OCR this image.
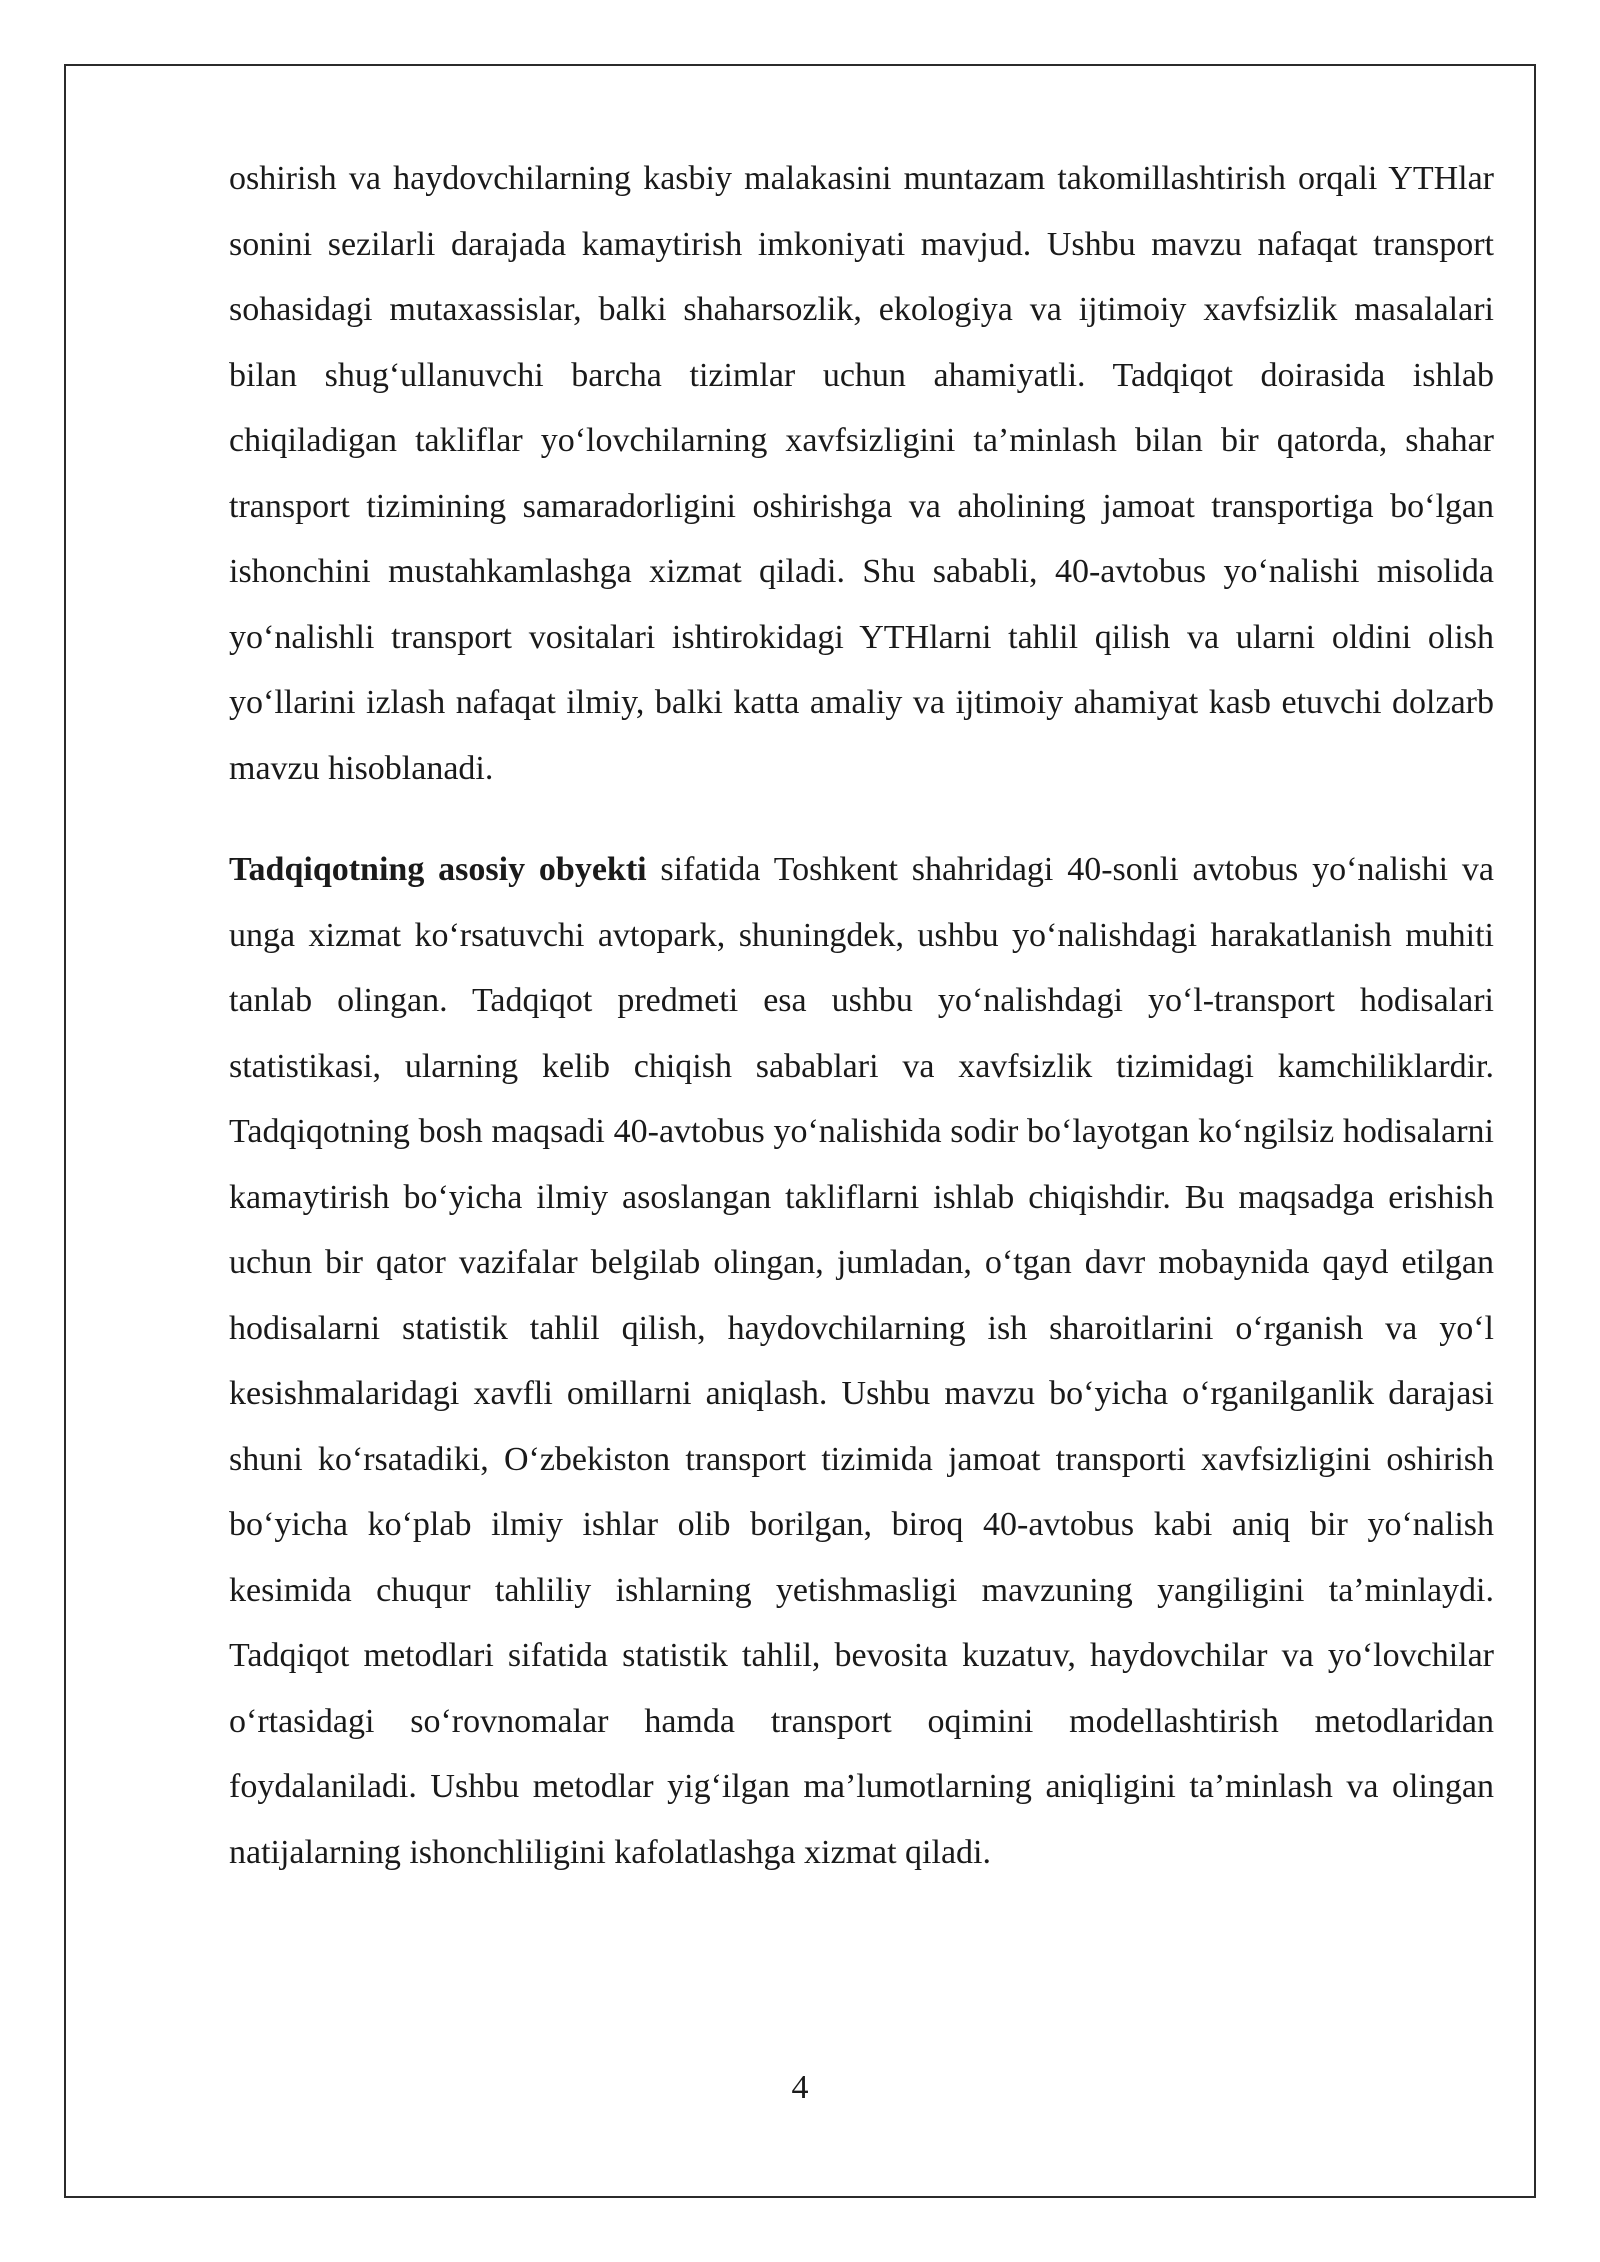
oshirish va haydovchilarning kasbiy malakasini muntazam takomillashtirish orqali YTHlar sonini sezilarli darajada kamaytirish imkoniyati mavjud. Ushbu mavzu nafaqat transport sohasidagi mutaxassislar, balki shaharsozlik, ekologiya va ijtimoiy xavfsizlik masalalari bilan shug‘ullanuvchi barcha tizimlar uchun ahamiyatli. Tadqiqot doirasida ishlab chiqiladigan takliflar yo‘lovchilarning xavfsizligini ta’minlash bilan bir qatorda, shahar transport tizimining samaradorligini oshirishga va aholining jamoat transportiga bo‘lgan ishonchini mustahkamlashga xizmat qiladi. Shu sababli, 40-avtobus yo‘nalishi misolida yo‘nalishli transport vositalari ishtirokidagi YTHlarni tahlil qilish va ularni oldini olish yo‘llarini izlash nafaqat ilmiy, balki katta amaliy va ijtimoiy ahamiyat kasb etuvchi dolzarb mavzu hisoblanadi.

Tadqiqotning asosiy obyekti sifatida Toshkent shahridagi 40-sonli avtobus yo‘nalishi va unga xizmat ko‘rsatuvchi avtopark, shuningdek, ushbu yo‘nalishdagi harakatlanish muhiti tanlab olingan. Tadqiqot predmeti esa ushbu yo‘nalishdagi yo‘l-transport hodisalari statistikasi, ularning kelib chiqish sabablari va xavfsizlik tizimidagi kamchiliklardir. Tadqiqotning bosh maqsadi 40-avtobus yo‘nalishida sodir bo‘layotgan ko‘ngilsiz hodisalarni kamaytirish bo‘yicha ilmiy asoslangan takliflarni ishlab chiqishdir. Bu maqsadga erishish uchun bir qator vazifalar belgilab olingan, jumladan, o‘tgan davr mobaynida qayd etilgan hodisalarni statistik tahlil qilish, haydovchilarning ish sharoitlarini o‘rganish va yo‘l kesishmalaridagi xavfli omillarni aniqlash. Ushbu mavzu bo‘yicha o‘rganilganlik darajasi shuni ko‘rsatadiki, O‘zbekiston transport tizimida jamoat transporti xavfsizligini oshirish bo‘yicha ko‘plab ilmiy ishlar olib borilgan, biroq 40-avtobus kabi aniq bir yo‘nalish kesimida chuqur tahliliy ishlarning yetishmasligi mavzuning yangiligini ta’minlaydi. Tadqiqot metodlari sifatida statistik tahlil, bevosita kuzatuv, haydovchilar va yo‘lovchilar o‘rtasidagi so‘rovnomalar hamda transport oqimini modellashtirish metodlaridan foydalaniladi. Ushbu metodlar yig‘ilgan ma’lumotlarning aniqligini ta’minlash va olingan natijalarning ishonchliligini kafolatlashga xizmat qiladi.

4
